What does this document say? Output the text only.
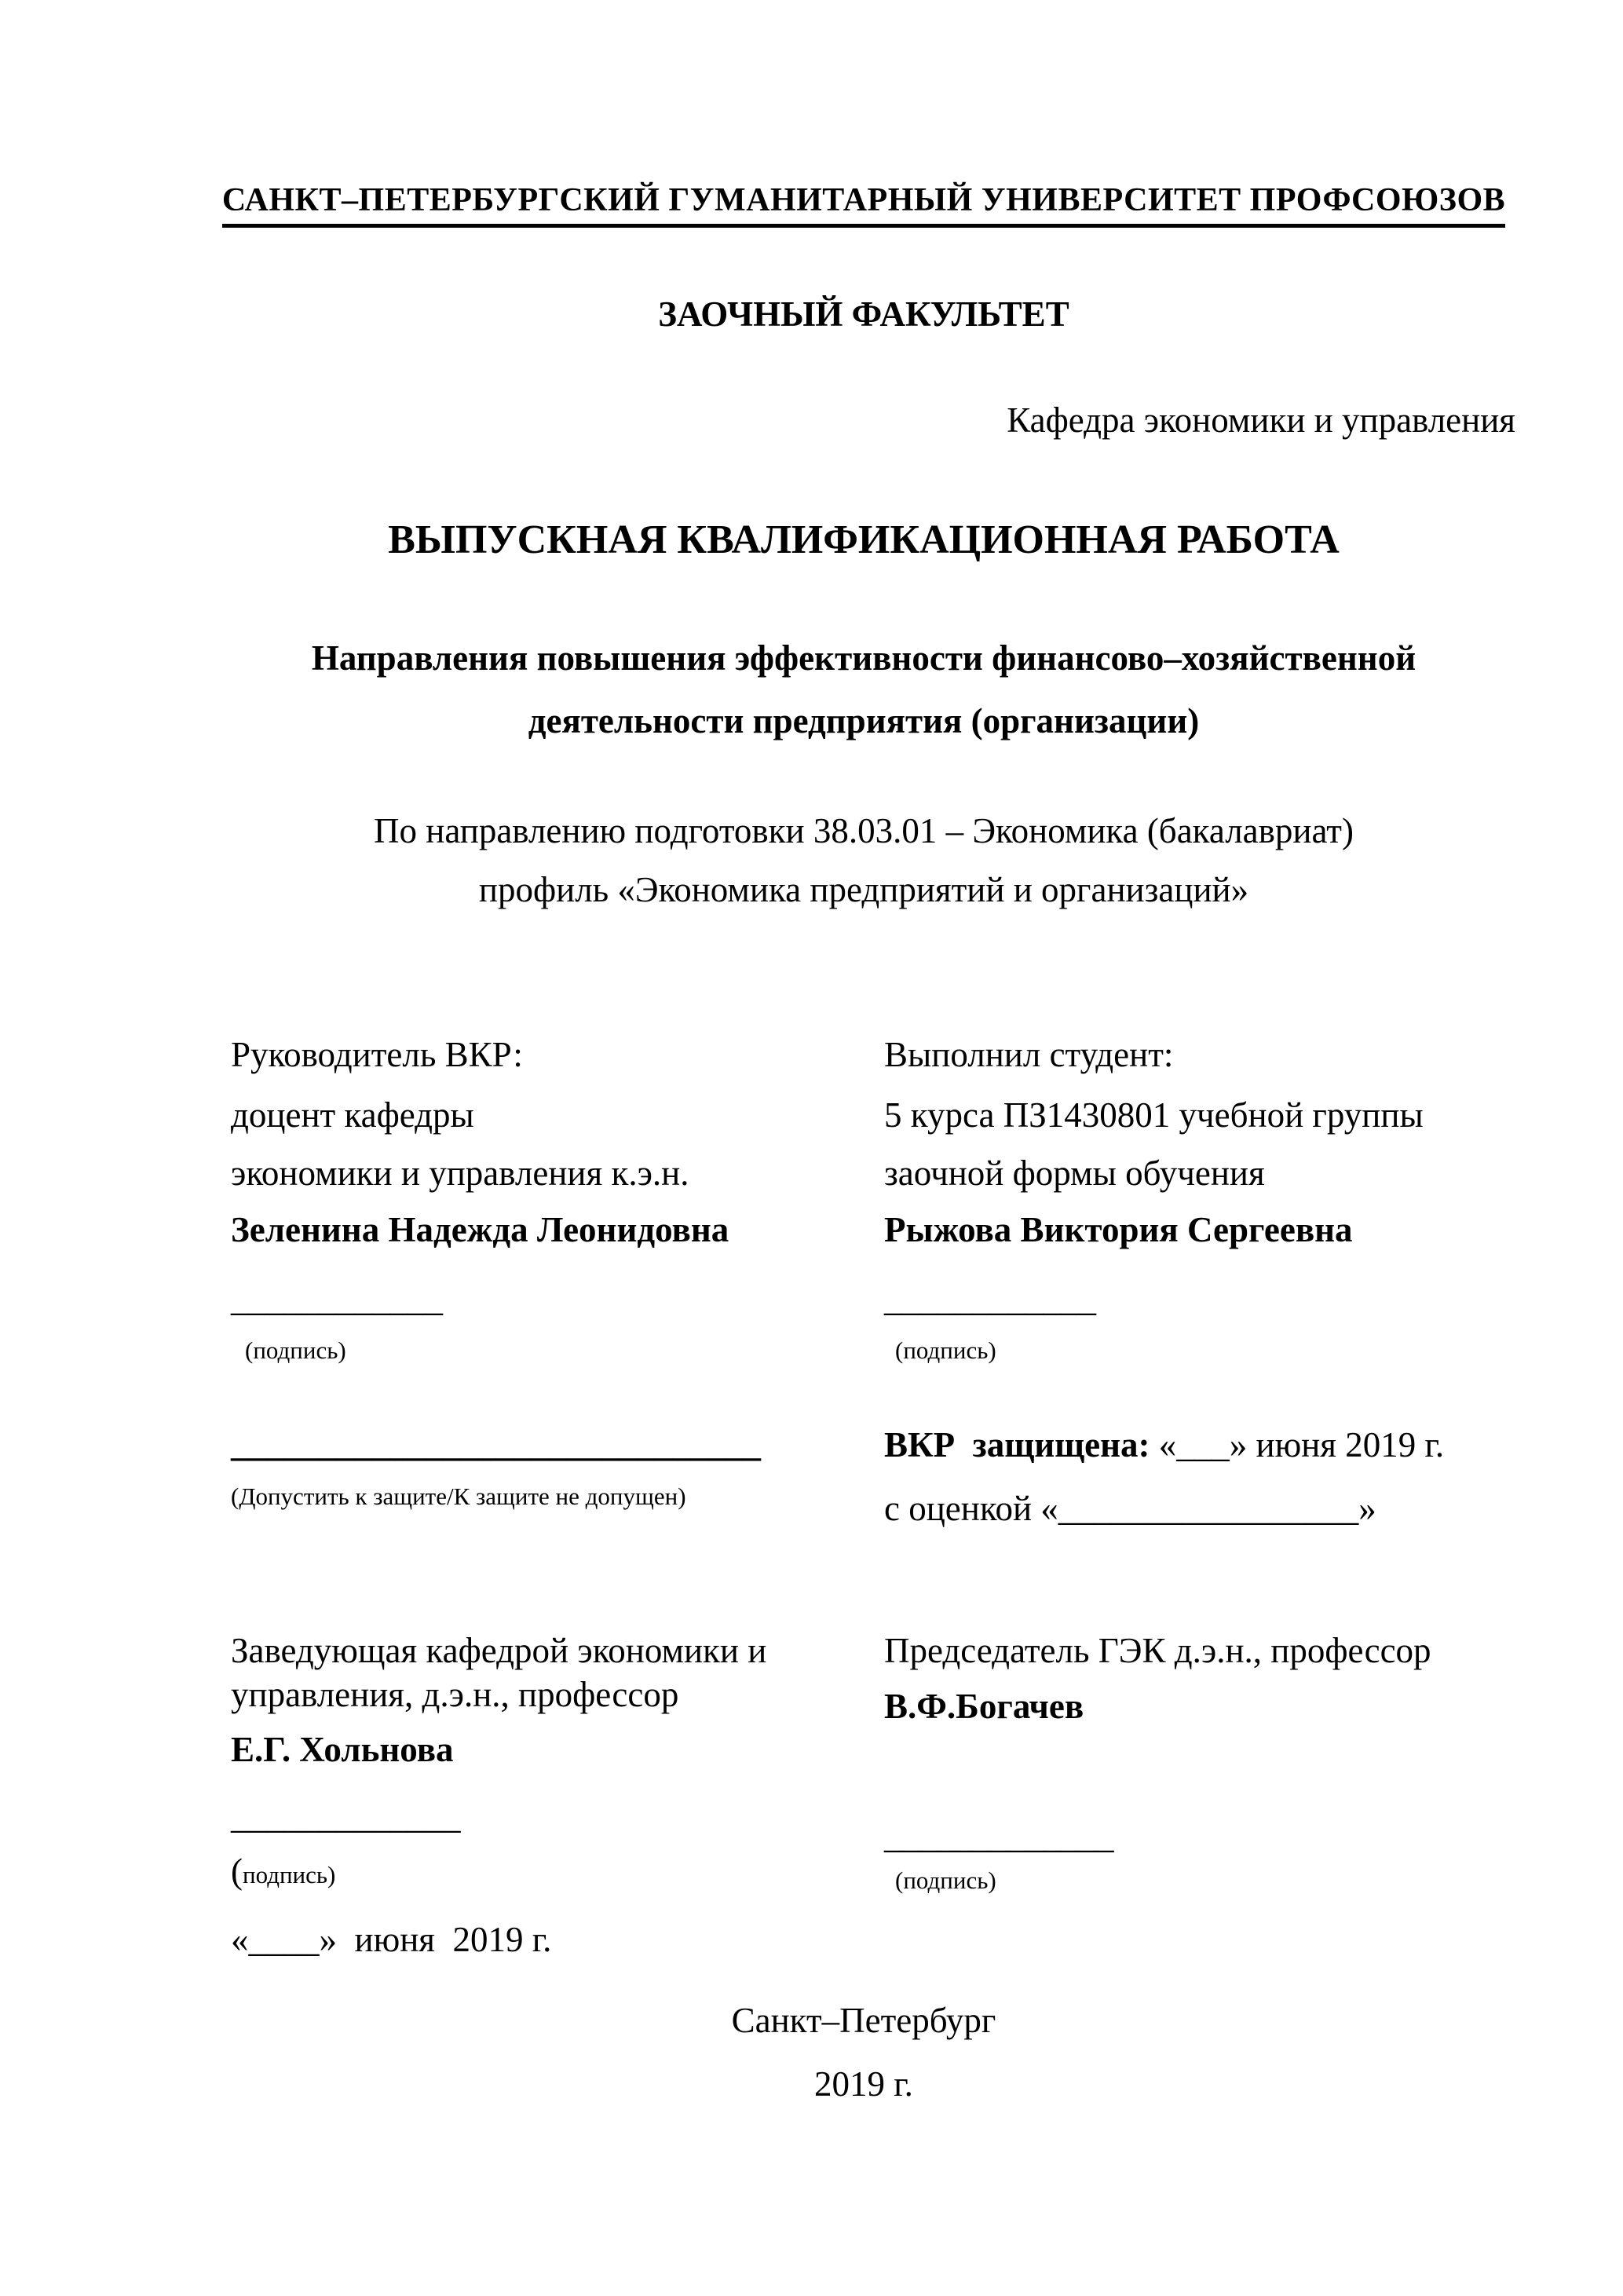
САНКТ–ПЕТЕРБУРГСКИЙ ГУМАНИТАРНЫЙ УНИВЕРСИТЕТ ПРОФСОЮЗОВ
ЗАОЧНЫЙ ФАКУЛЬТЕТ
Кафедра экономики и управления
ВЫПУСКНАЯ КВАЛИФИКАЦИОННАЯ РАБОТА
Направления повышения эффективности финансово–хозяйственной
деятельности предприятия (организации)
По направлению подготовки 38.03.01 – Экономика (бакалавриат)
профиль «Экономика предприятий и организаций»
Руководитель ВКР:
доцент кафедры
экономики и управления к.э.н.
Зеленина Надежда Леонидовна
____________
(подпись)
Выполнил студент:
5 курса ПЗ1430801 учебной группы
заочной формы обучения
Рыжова Виктория Сергеевна
____________
(подпись)
______________________________
(Допустить к защите/К защите не допущен)
ВКР  защищена: «___» июня 2019 г.
с оценкой «_________________»
Заведующая кафедрой экономики и
управления, д.э.н., профессор
Е.Г. Хольнова
_____________
(подпись)
«____»  июня  2019 г.
Председатель ГЭК д.э.н., профессор
В.Ф.Богачев
_____________
(подпись)
Санкт–Петербург
2019 г.
